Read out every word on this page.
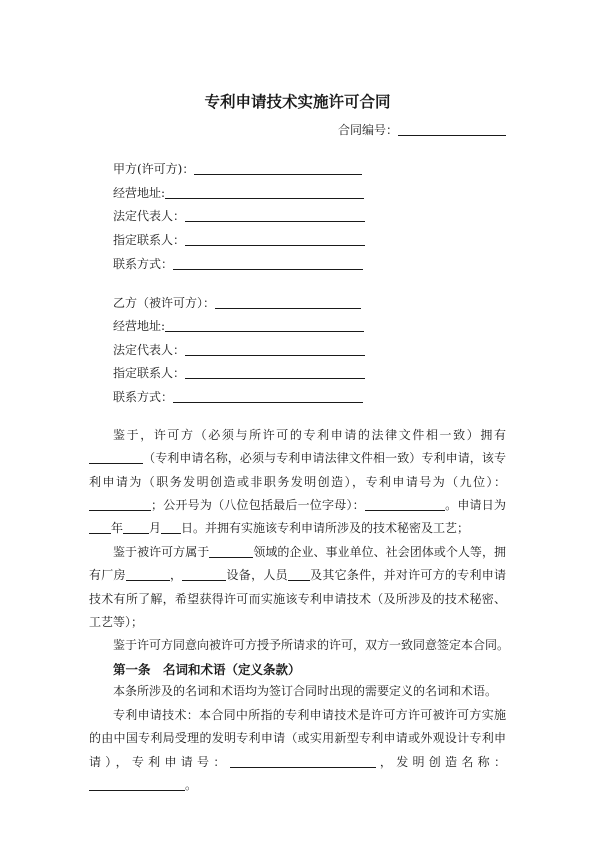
专利申请技术实施许可合同
合同编号：
甲方(许可方)：
经营地址:
法定代表人：
指定联系人：
联系方式：
乙方（被许可方）：
经营地址:
法定代表人：
指定联系人：
联系方式：

鉴于，许可方（必须与所许可的专利申请的法律文件相一致）拥有（专利申请名称，必须与专利申请法律文件相一致）专利申请，该专利申请为（职务发明创造或非职务发明创造），专利申请号为（九位）：；公开号为（八位包括最后一位字母）：	。申请日为年 月 日。并拥有实施该专利申请所涉及的技术秘密及工艺；

鉴于被许可方属于	领域的企业、事业单位、社会团体或个人等，拥有厂房	，	设备，人员 及其它条件，并对许可方的专利申请技术有所了解，希望获得许可而实施该专利申请技术（及所涉及的技术秘密、工艺等）；

鉴于许可方同意向被许可方授予所请求的许可，双方一致同意签定本合同。

第一条　名词和术语（定义条款）

本条所涉及的名词和术语均为签订合同时出现的需要定义的名词和术语。

专利申请技术：本合同中所指的专利申请技术是许可方许可被许可方实施的由中国专利局受理的发明专利申请（或实用新型专利申请或外观设计专利申请），专利申请号：	，发明创造名称：。
